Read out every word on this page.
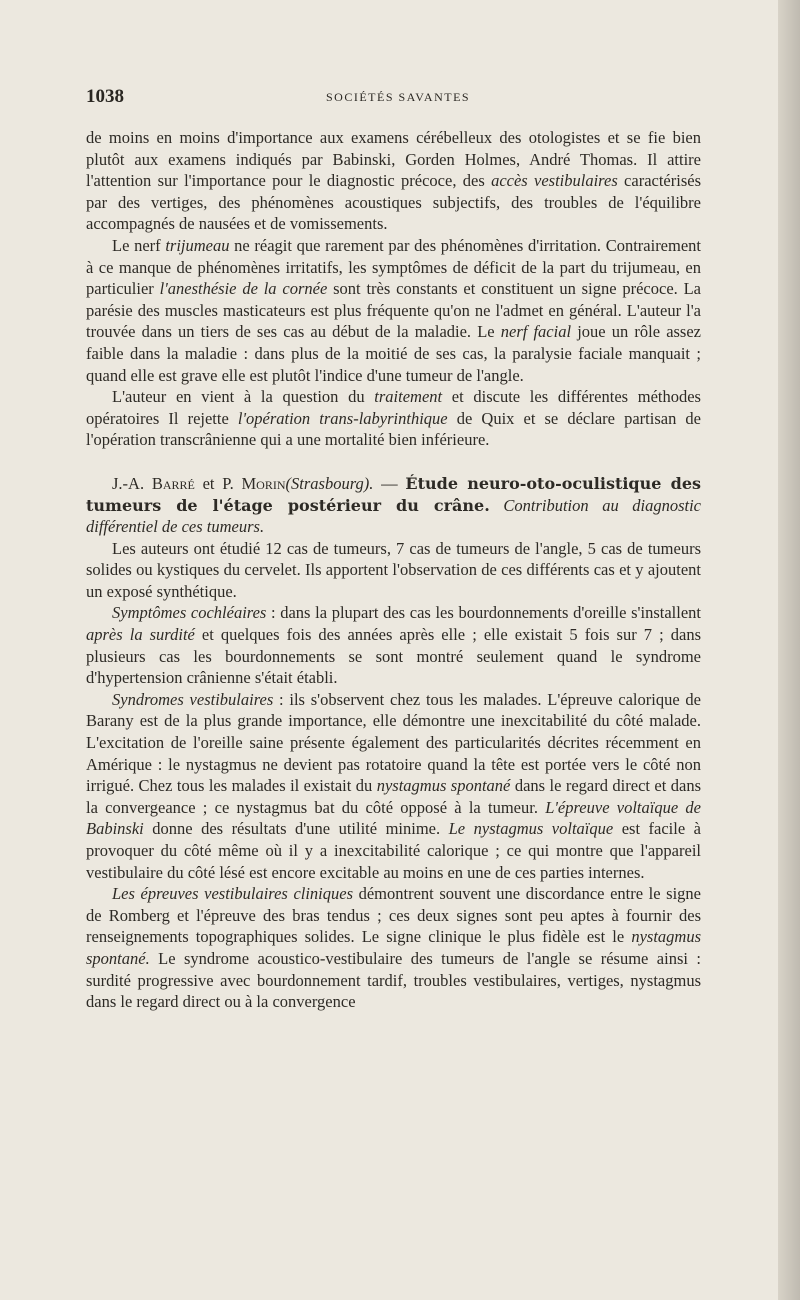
1038	SOCIÉTÉS SAVANTES

de moins en moins d'importance aux examens cérébelleux des otologistes et se fie bien plutôt aux examens indiqués par Babinski, Gorden Holmes, André Thomas. Il attire l'attention sur l'importance pour le diagnostic précoce, des accès vestibulaires caractérisés par des vertiges, des phénomènes acoustiques subjectifs, des troubles de l'équilibre accompagnés de nausées et de vomissements.

Le nerf trijumeau ne réagit que rarement par des phénomènes d'irritation. Contrairement à ce manque de phénomènes irritatifs, les symptômes de déficit de la part du trijumeau, en particulier l'anesthésie de la cornée sont très constants et constituent un signe précoce. La parésie des muscles masticateurs est plus fréquente qu'on ne l'admet en général. L'auteur l'a trouvée dans un tiers de ses cas au début de la maladie. Le nerf facial joue un rôle assez faible dans la maladie : dans plus de la moitié de ses cas, la paralysie faciale manquait ; quand elle est grave elle est plutôt l'indice d'une tumeur de l'angle.

L'auteur en vient à la question du traitement et discute les différentes méthodes opératoires Il rejette l'opération trans-labyrinthique de Quix et se déclare partisan de l'opération transcrânienne qui a une mortalité bien inférieure.

J.-A. Barré et P. Morin(Strasbourg). — Étude neuro-oto-oculistique des tumeurs de l'étage postérieur du crâne. Contribution au diagnostic différentiel de ces tumeurs.

Les auteurs ont étudié 12 cas de tumeurs, 7 cas de tumeurs de l'angle, 5 cas de tumeurs solides ou kystiques du cervelet. Ils apportent l'observation de ces différents cas et y ajoutent un exposé synthétique.

Symptômes cochléaires : dans la plupart des cas les bourdonnements d'oreille s'installent après la surdité et quelques fois des années après elle ; elle existait 5 fois sur 7 ; dans plusieurs cas les bourdonnements se sont montré seulement quand le syndrome d'hypertension crânienne s'était établi.

Syndromes vestibulaires : ils s'observent chez tous les malades. L'épreuve calorique de Barany est de la plus grande importance, elle démontre une inexcitabilité du côté malade. L'excitation de l'oreille saine présente également des particularités décrites récemment en Amérique : le nystagmus ne devient pas rotatoire quand la tête est portée vers le côté non irrigué. Chez tous les malades il existait du nystagmus spontané dans le regard direct et dans la convergeance ; ce nystagmus bat du côté opposé à la tumeur. L'épreuve voltaïque de Babinski donne des résultats d'une utilité minime. Le nystagmus voltaïque est facile à provoquer du côté même où il y a inexcitabilité calorique ; ce qui montre que l'appareil vestibulaire du côté lésé est encore excitable au moins en une de ces parties internes.

Les épreuves vestibulaires cliniques démontrent souvent une discordance entre le signe de Romberg et l'épreuve des bras tendus ; ces deux signes sont peu aptes à fournir des renseignements topographiques solides. Le signe clinique le plus fidèle est le nystagmus spontané. Le syndrome acoustico-vestibulaire des tumeurs de l'angle se résume ainsi : surdité progressive avec bourdonnement tardif, troubles vestibulaires, vertiges, nystagmus dans le regard direct ou à la convergence
